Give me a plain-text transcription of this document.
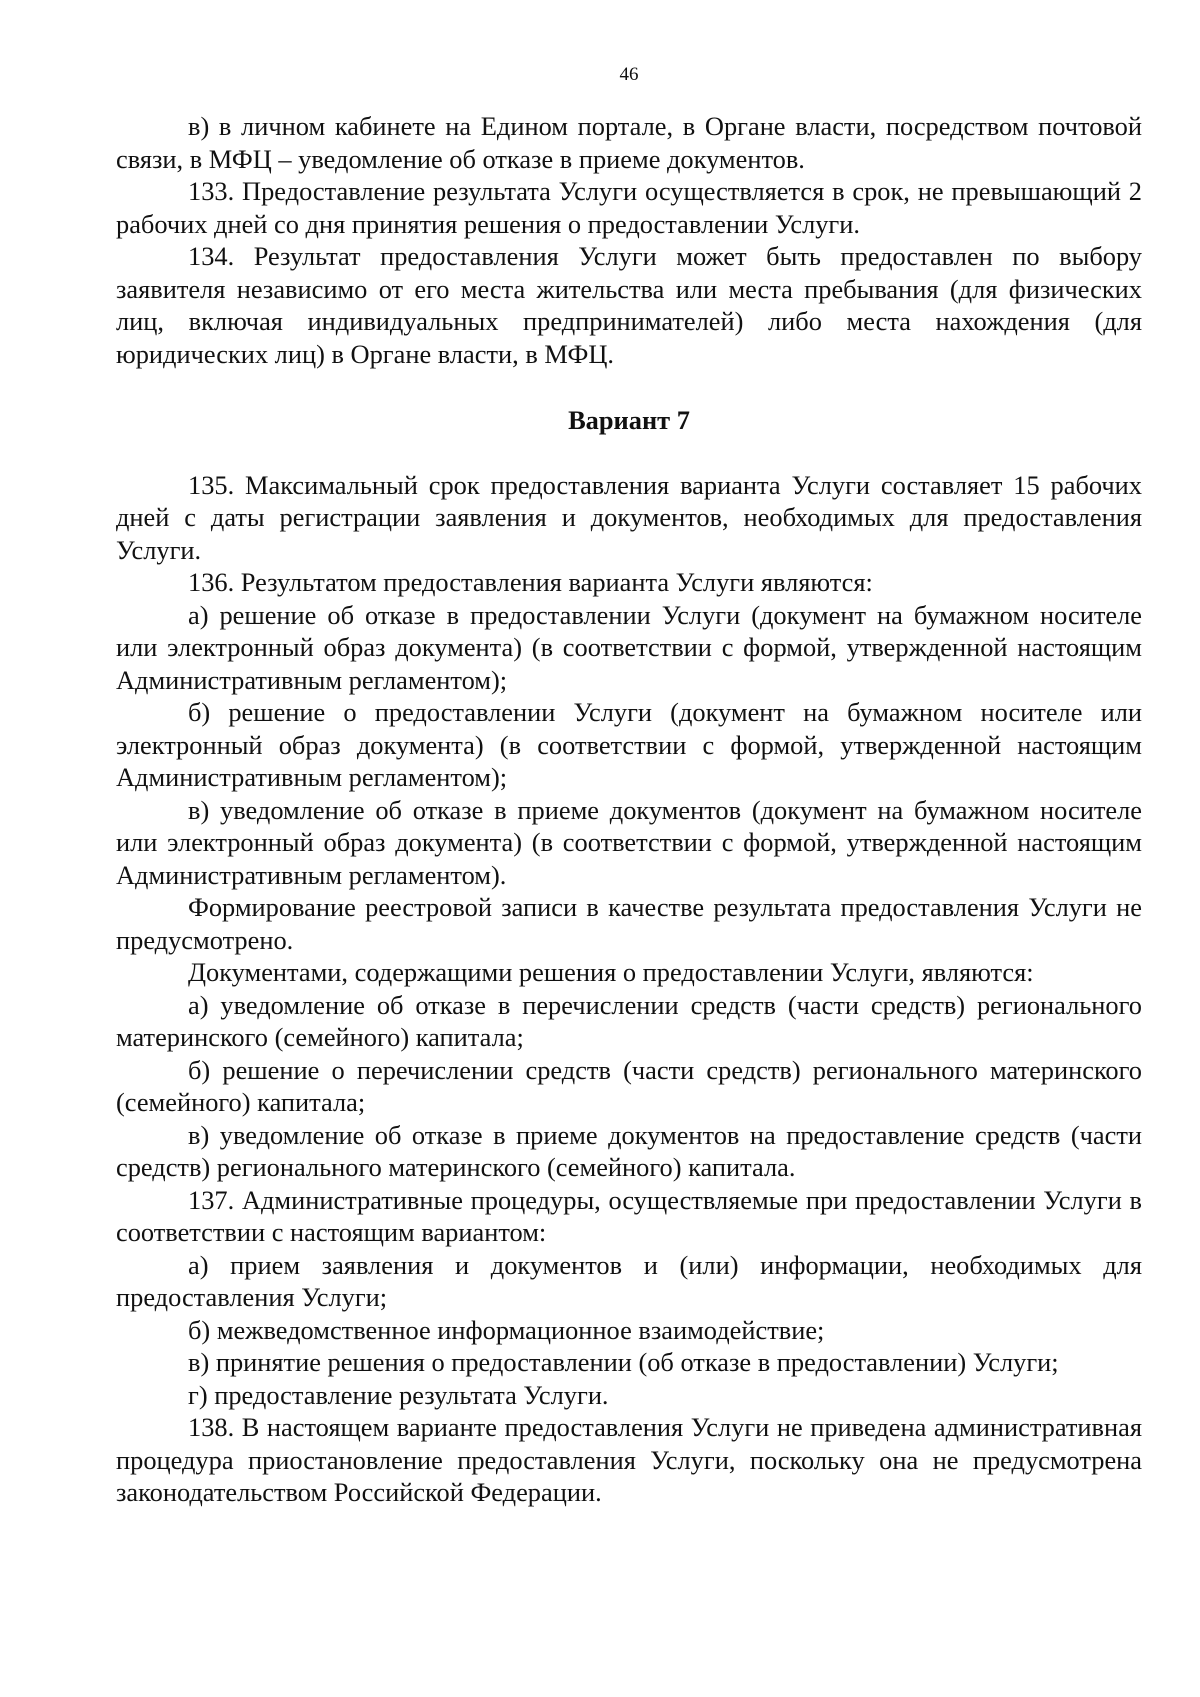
46

в) в личном кабинете на Едином портале, в Органе власти, посредством почтовой связи, в МФЦ – уведомление об отказе в приеме документов.

133. Предоставление результата Услуги осуществляется в срок, не превышающий 2 рабочих дней со дня принятия решения о предоставлении Услуги.

134. Результат предоставления Услуги может быть предоставлен по выбору заявителя независимо от его места жительства или места пребывания (для физических лиц, включая индивидуальных предпринимателей) либо места нахождения (для юридических лиц) в Органе власти, в МФЦ.

Вариант 7

135. Максимальный срок предоставления варианта Услуги составляет 15 рабочих дней с даты регистрации заявления и документов, необходимых для предоставления Услуги.

136. Результатом предоставления варианта Услуги являются:

а) решение об отказе в предоставлении Услуги (документ на бумажном носителе или электронный образ документа) (в соответствии с формой, утвержденной настоящим Административным регламентом);

б) решение о предоставлении Услуги (документ на бумажном носителе или электронный образ документа) (в соответствии с формой, утвержденной настоящим Административным регламентом);

в) уведомление об отказе в приеме документов (документ на бумажном носителе или электронный образ документа) (в соответствии с формой, утвержденной настоящим Административным регламентом).

Формирование реестровой записи в качестве результата предоставления Услуги не предусмотрено.

Документами, содержащими решения о предоставлении Услуги, являются:

а) уведомление об отказе в перечислении средств (части средств) регионального материнского (семейного) капитала;

б) решение о перечислении средств (части средств) регионального материнского (семейного) капитала;

в) уведомление об отказе в приеме документов на предоставление средств (части средств) регионального материнского (семейного) капитала.

137. Административные процедуры, осуществляемые при предоставлении Услуги в соответствии с настоящим вариантом:

а) прием заявления и документов и (или) информации, необходимых для предоставления Услуги;

б) межведомственное информационное взаимодействие;

в) принятие решения о предоставлении (об отказе в предоставлении) Услуги;

г) предоставление результата Услуги.

138. В настоящем варианте предоставления Услуги не приведена административная процедура приостановление предоставления Услуги, поскольку она не предусмотрена законодательством Российской Федерации.
